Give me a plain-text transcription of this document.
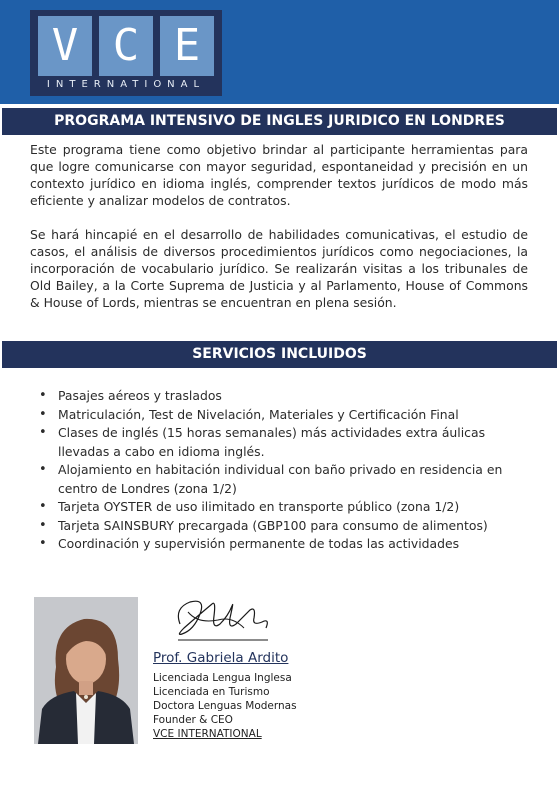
V C E
INTERNATIONAL
PROGRAMA INTENSIVO DE INGLES JURIDICO EN LONDRES

Este programa tiene como objetivo brindar al participante herramientas para que logre comunicarse con mayor seguridad, espontaneidad y precisión en un contexto jurídico en idioma inglés, comprender textos jurídicos de modo más eficiente y analizar modelos de contratos.

Se hará hincapié en el desarrollo de habilidades comunicativas, el estudio de casos, el análisis de diversos procedimientos jurídicos como negociaciones, la incorporación de vocabulario jurídico. Se realizarán visitas a los tribunales de Old Bailey, a la Corte Suprema de Justicia y al Parlamento, House of Commons & House of Lords, mientras se encuentran en plena sesión.

SERVICIOS INCLUIDOS
• Pasajes aéreos y traslados
• Matriculación, Test de Nivelación, Materiales y Certificación Final
• Clases de inglés (15 horas semanales) más actividades extra áulicas llevadas a cabo en idioma inglés.
• Alojamiento en habitación individual con baño privado en residencia en centro de Londres (zona 1/2)
• Tarjeta OYSTER de uso ilimitado en transporte público (zona 1/2)
• Tarjeta SAINSBURY precargada (GBP100 para consumo de alimentos)
• Coordinación y supervisión permanente de todas las actividades
Prof. Gabriela Ardito
Licenciada Lengua Inglesa
Licenciada en Turismo
Doctora Lenguas Modernas
Founder & CEO
VCE INTERNATIONAL
